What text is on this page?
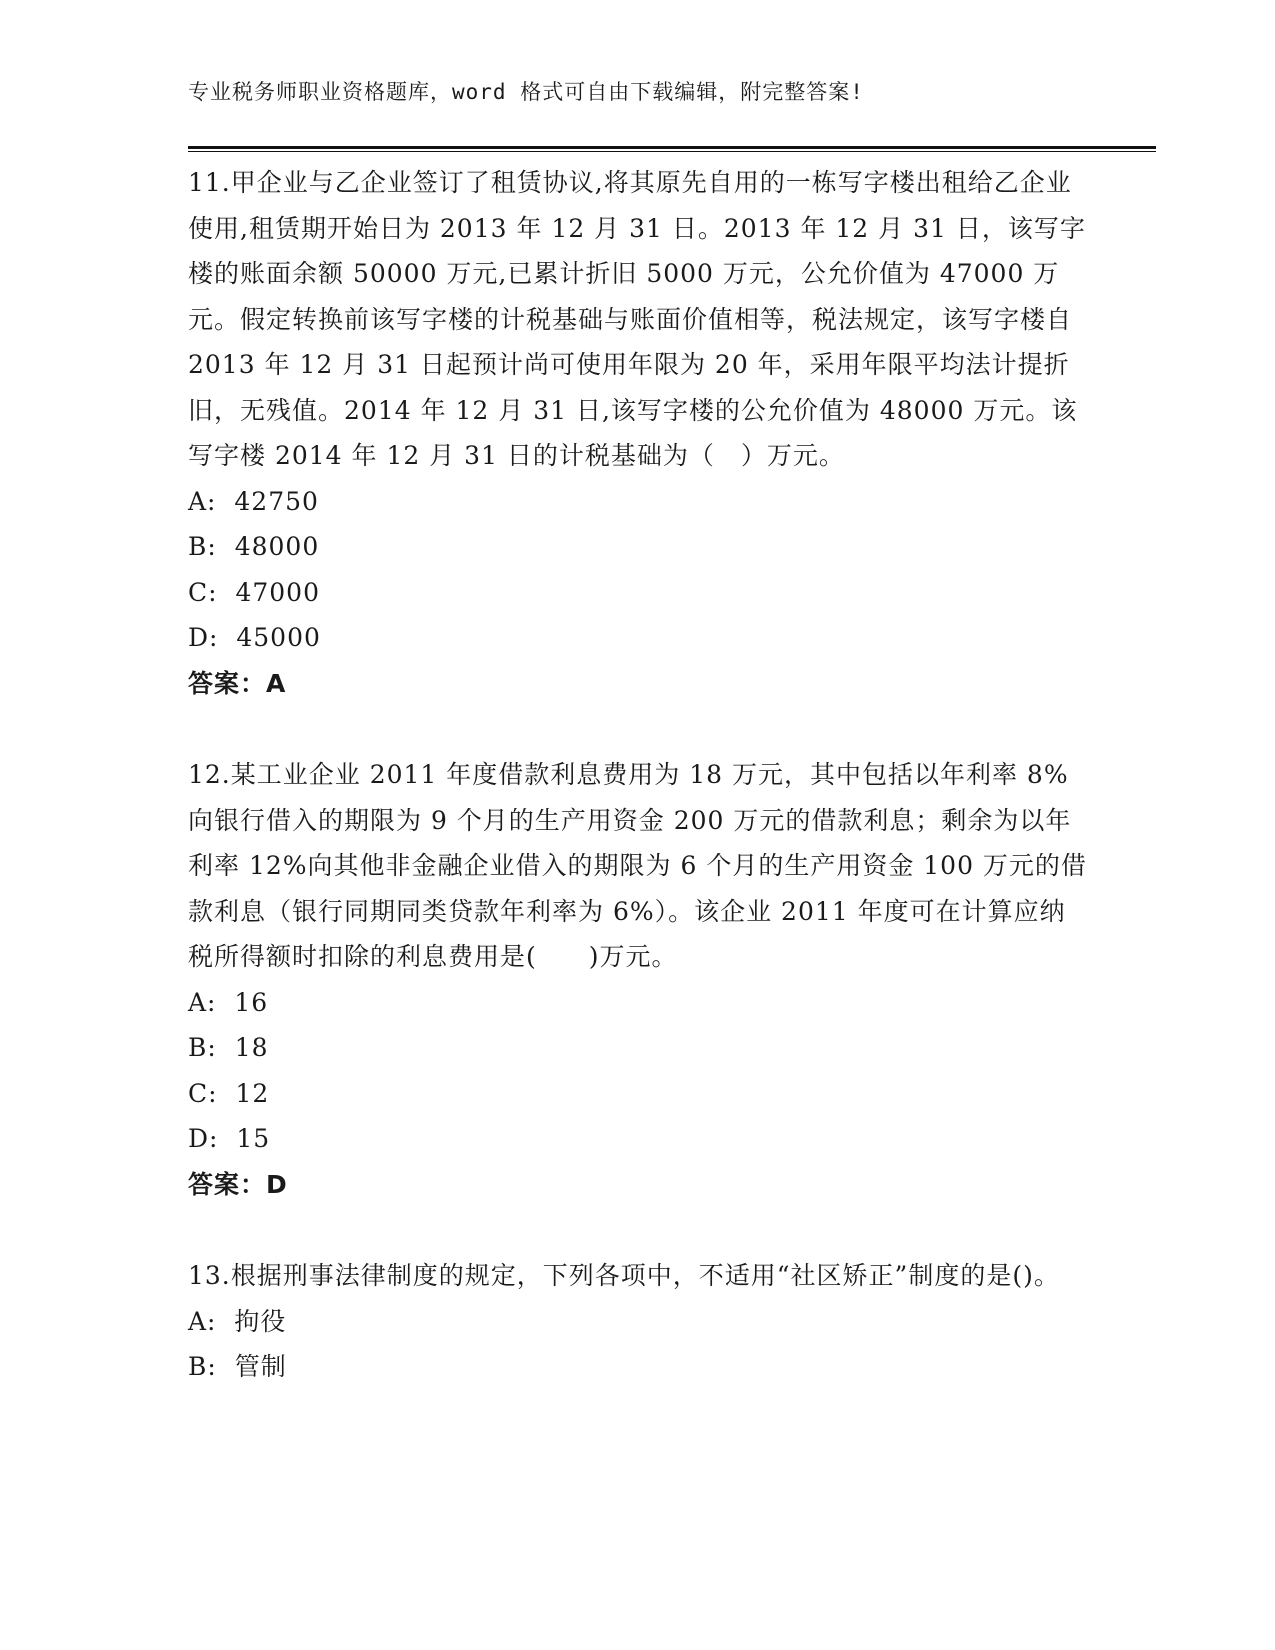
专业税务师职业资格题库，word 格式可自由下载编辑，附完整答案!

11.甲企业与乙企业签订了租赁协议,将其原先自用的一栋写字楼出租给乙企业使用,租赁期开始日为 2013 年 12 月 31 日。2013 年 12 月 31 日，该写字楼的账面余额 50000 万元,已累计折旧 5000 万元，公允价值为 47000 万元。假定转换前该写字楼的计税基础与账面价值相等，税法规定，该写字楼自 2013 年 12 月 31 日起预计尚可使用年限为 20 年，采用年限平均法计提折旧，无残值。2014 年 12 月 31 日,该写字楼的公允价值为 48000 万元。该写字楼 2014 年 12 月 31 日的计税基础为（　）万元。

A: 42750
B: 48000
C: 47000
D: 45000

答案：A

12.某工业企业 2011 年度借款利息费用为 18 万元，其中包括以年利率 8%向银行借入的期限为 9 个月的生产用资金 200 万元的借款利息；剩余为以年利率 12%向其他非金融企业借入的期限为 6 个月的生产用资金 100 万元的借款利息（银行同期同类贷款年利率为 6%）。该企业 2011 年度可在计算应纳税所得额时扣除的利息费用是(　　)万元。

A: 16
B: 18
C: 12
D: 15

答案：D

13.根据刑事法律制度的规定，下列各项中，不适用“社区矫正”制度的是()。

A: 拘役
B: 管制
